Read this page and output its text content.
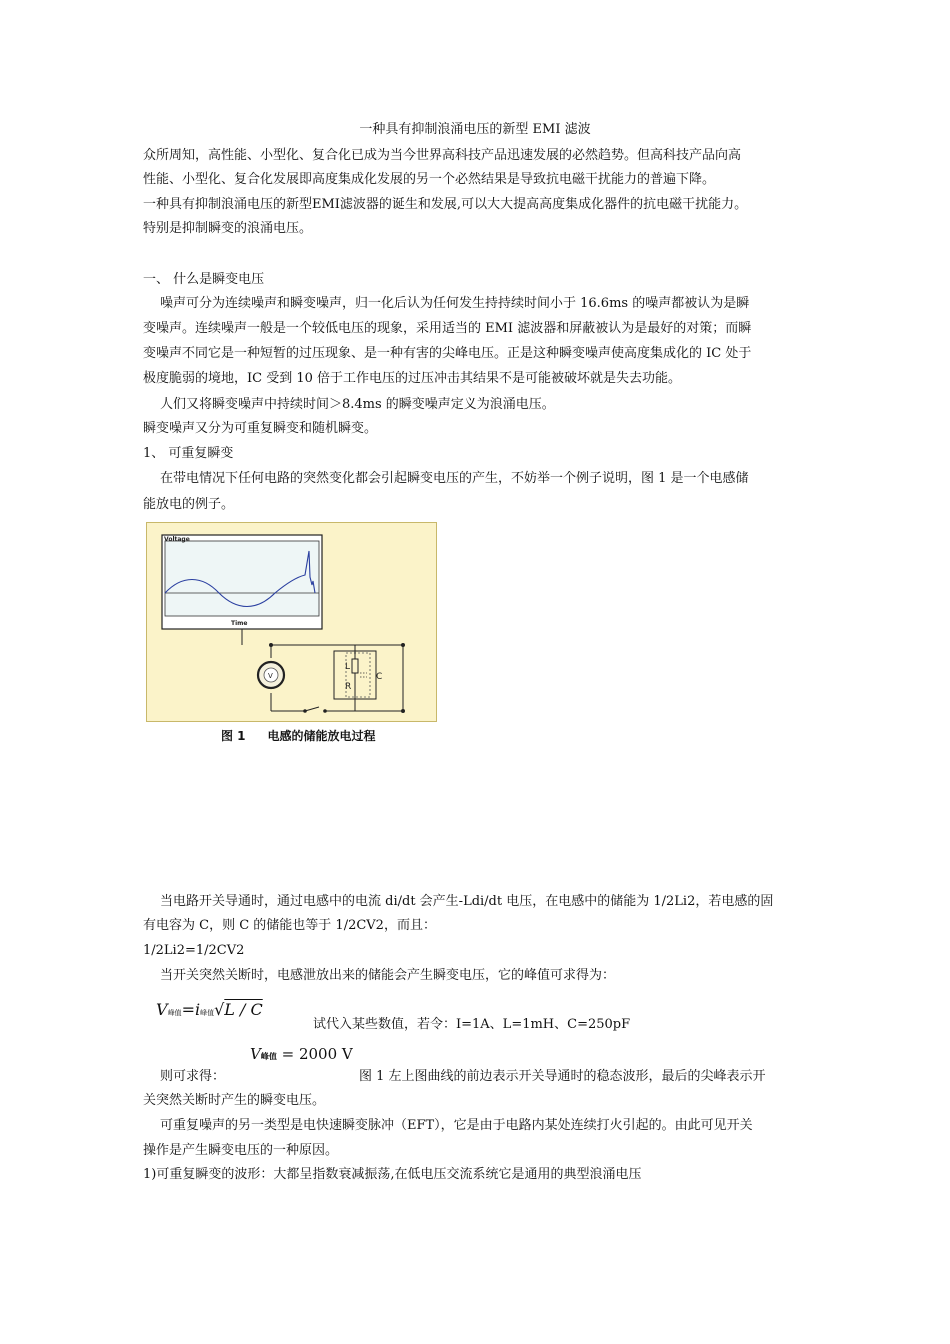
一种具有抑制浪涌电压的新型 EMI 滤波
众所周知，高性能、小型化、复合化已成为当今世界高科技产品迅速发展的必然趋势。但高科技产品向高
性能、小型化、复合化发展即高度集成化发展的另一个必然结果是导致抗电磁干扰能力的普遍下降。
一种具有抑制浪涌电压的新型EMI滤波器的诞生和发展,可以大大提高高度集成化器件的抗电磁干扰能力。
特别是抑制瞬变的浪涌电压。
一、 什么是瞬变电压
噪声可分为连续噪声和瞬变噪声，归一化后认为任何发生持持续时间小于 16.6ms 的噪声都被认为是瞬
变噪声。连续噪声一般是一个较低电压的现象，采用适当的 EMI 滤波器和屏蔽被认为是最好的对策；而瞬
变噪声不同它是一种短暂的过压现象、是一种有害的尖峰电压。正是这种瞬变噪声使高度集成化的 IC 处于
极度脆弱的境地，IC 受到 10 倍于工作电压的过压冲击其结果不是可能被破坏就是失去功能。
人们又将瞬变噪声中持续时间＞8.4ms 的瞬变噪声定义为浪涌电压。
瞬变噪声又分为可重复瞬变和随机瞬变。
1、 可重复瞬变
在带电情况下任何电路的突然变化都会引起瞬变电压的产生，不妨举一个例子说明，图 1 是一个电感储
能放电的例子。
Voltage
Time
V
L
R
C
图 1 电感的储能放电过程
当电路开关导通时，通过电感中的电流 di/dt 会产生-Ldi/dt 电压，在电感中的储能为 1/2Li2，若电感的固
有电容为 C，则 C 的储能也等于 1/2CV2，而且：
1/2Li2=1/2CV2
当开关突然关断时，电感泄放出来的储能会产生瞬变电压，它的峰值可求得为：
V峰值=i峰值√L / C
试代入某些数值，若令：I=1A、L=1mH、C=250pF
V峰值 = 2000 V
则可求得：	图 1 左上图曲线的前边表示开关导通时的稳态波形，最后的尖峰表示开
关突然关断时产生的瞬变电压。
可重复噪声的另一类型是电快速瞬变脉冲（EFT），它是由于电路内某处连续打火引起的。由此可见开关
操作是产生瞬变电压的一种原因。
1)可重复瞬变的波形：大都呈指数衰减振荡,在低电压交流系统它是通用的典型浪涌电压
